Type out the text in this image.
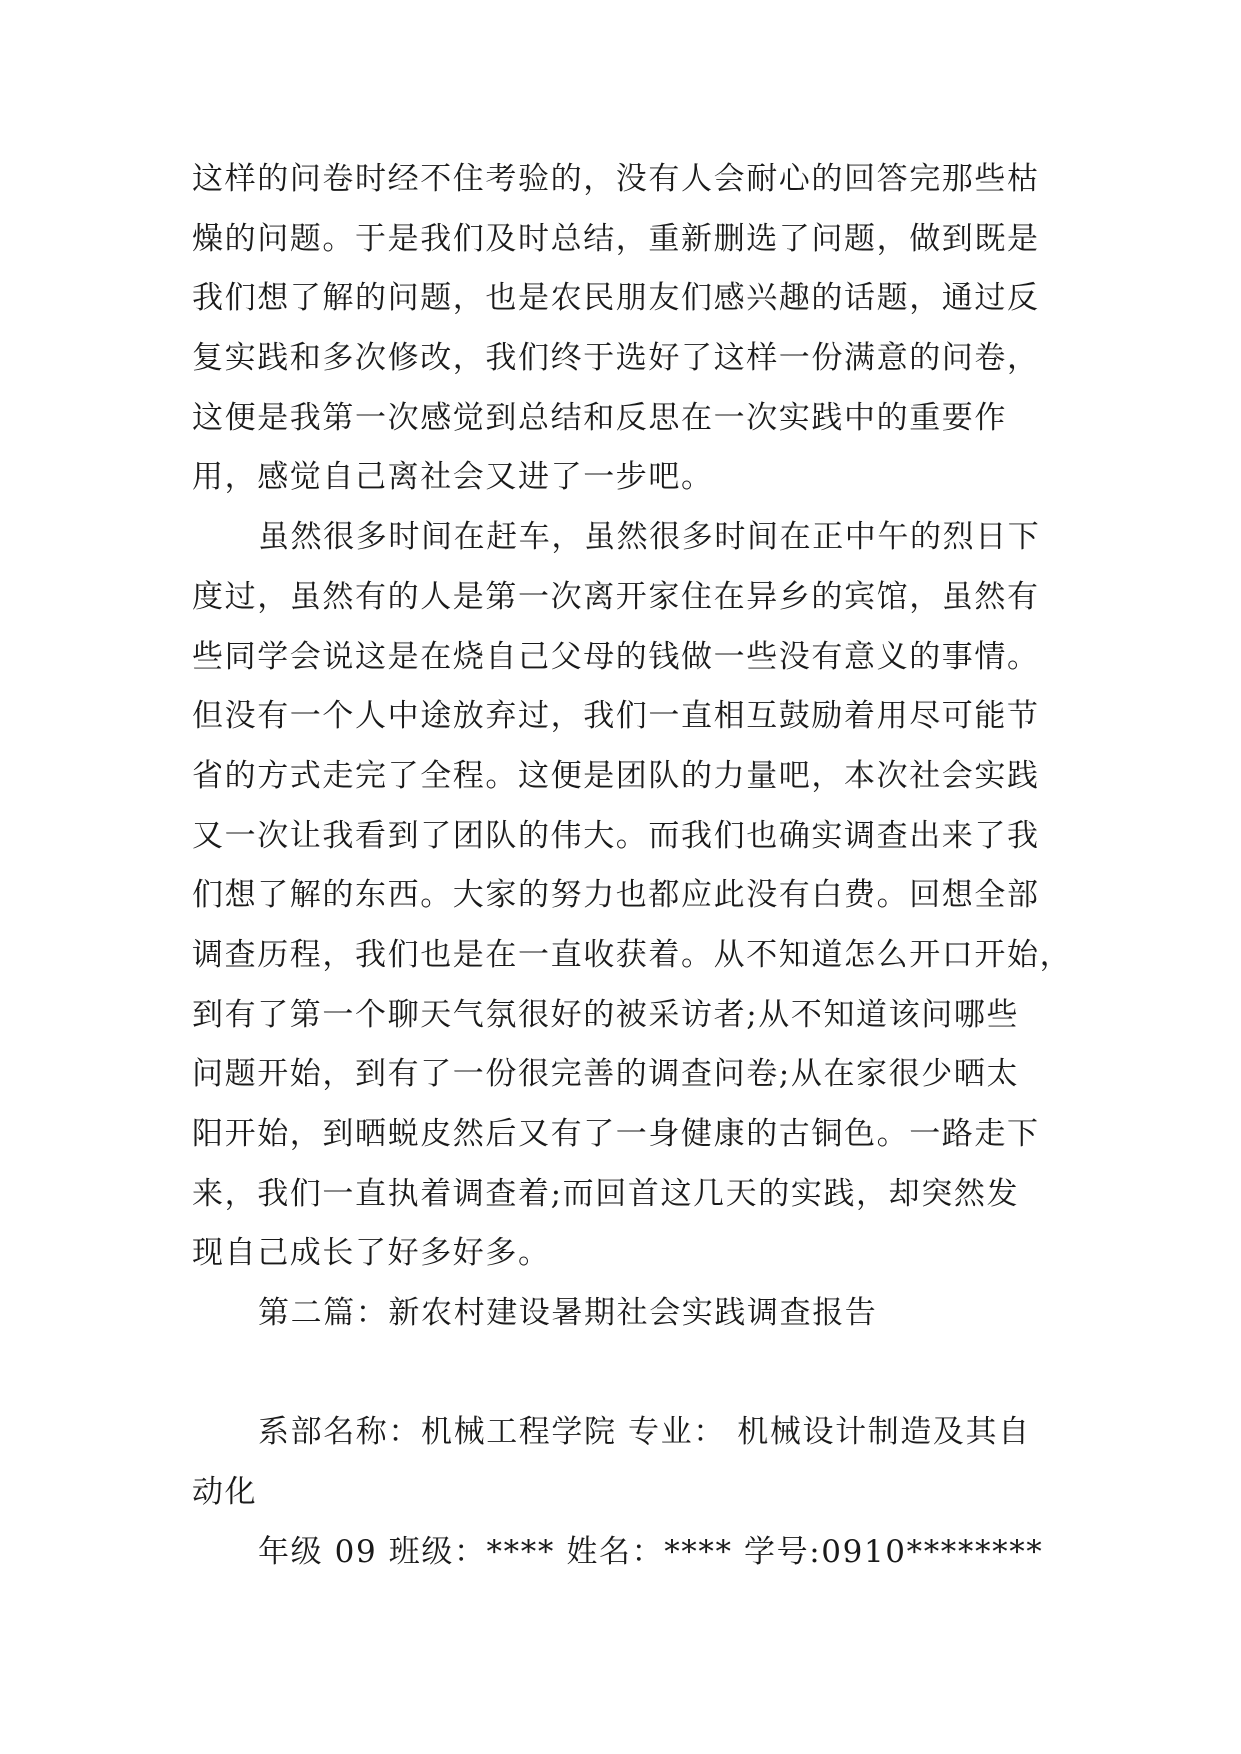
这样的问卷时经不住考验的，没有人会耐心的回答完那些枯
燥的问题。于是我们及时总结，重新删选了问题，做到既是
我们想了解的问题，也是农民朋友们感兴趣的话题，通过反
复实践和多次修改，我们终于选好了这样一份满意的问卷，
这便是我第一次感觉到总结和反思在一次实践中的重要作
用，感觉自己离社会又进了一步吧。
虽然很多时间在赶车，虽然很多时间在正中午的烈日下
度过，虽然有的人是第一次离开家住在异乡的宾馆，虽然有
些同学会说这是在烧自己父母的钱做一些没有意义的事情。
但没有一个人中途放弃过，我们一直相互鼓励着用尽可能节
省的方式走完了全程。这便是团队的力量吧，本次社会实践
又一次让我看到了团队的伟大。而我们也确实调查出来了我
们想了解的东西。大家的努力也都应此没有白费。回想全部
调查历程，我们也是在一直收获着。从不知道怎么开口开始，
到有了第一个聊天气氛很好的被采访者;从不知道该问哪些
问题开始，到有了一份很完善的调查问卷;从在家很少晒太
阳开始，到晒蜕皮然后又有了一身健康的古铜色。一路走下
来，我们一直执着调查着;而回首这几天的实践，却突然发
现自己成长了好多好多。
第二篇：新农村建设暑期社会实践调查报告
系部名称：机械工程学院 专业： 机械设计制造及其自
动化
年级 09 班级：**** 姓名：**** 学号:0910********
